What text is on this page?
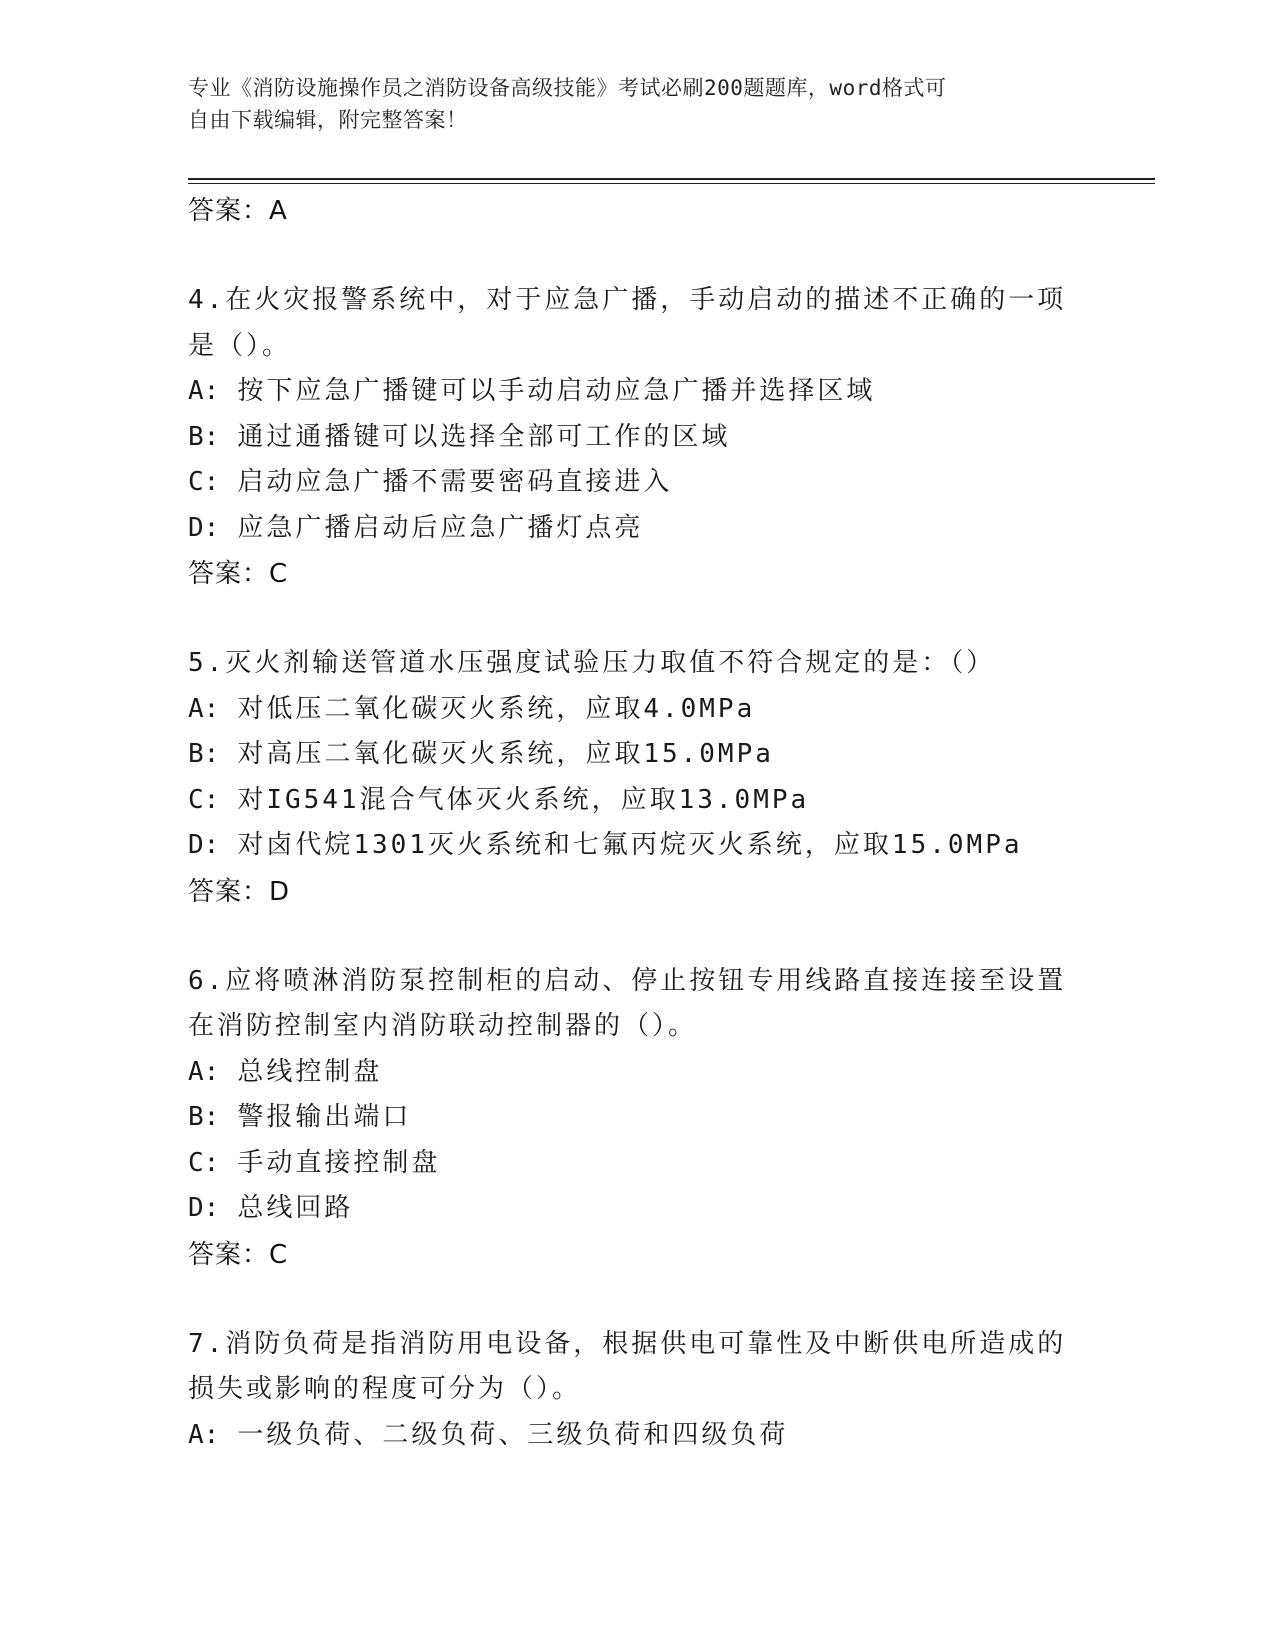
专业《消防设施操作员之消防设备高级技能》考试必刷200题题库，word格式可
自由下载编辑，附完整答案！
答案：A
4.在火灾报警系统中，对于应急广播，手动启动的描述不正确的一项
是（）。
A: 按下应急广播键可以手动启动应急广播并选择区域
B: 通过通播键可以选择全部可工作的区域
C: 启动应急广播不需要密码直接进入
D: 应急广播启动后应急广播灯点亮
答案：C
5.灭火剂输送管道水压强度试验压力取值不符合规定的是：（）
A: 对低压二氧化碳灭火系统，应取4.0MPa
B: 对高压二氧化碳灭火系统，应取15.0MPa
C: 对IG541混合气体灭火系统，应取13.0MPa
D: 对卤代烷1301灭火系统和七氟丙烷灭火系统，应取15.0MPa
答案：D
6.应将喷淋消防泵控制柜的启动、停止按钮专用线路直接连接至设置
在消防控制室内消防联动控制器的（）。
A: 总线控制盘
B: 警报输出端口
C: 手动直接控制盘
D: 总线回路
答案：C
7.消防负荷是指消防用电设备，根据供电可靠性及中断供电所造成的
损失或影响的程度可分为（）。
A: 一级负荷、二级负荷、三级负荷和四级负荷
